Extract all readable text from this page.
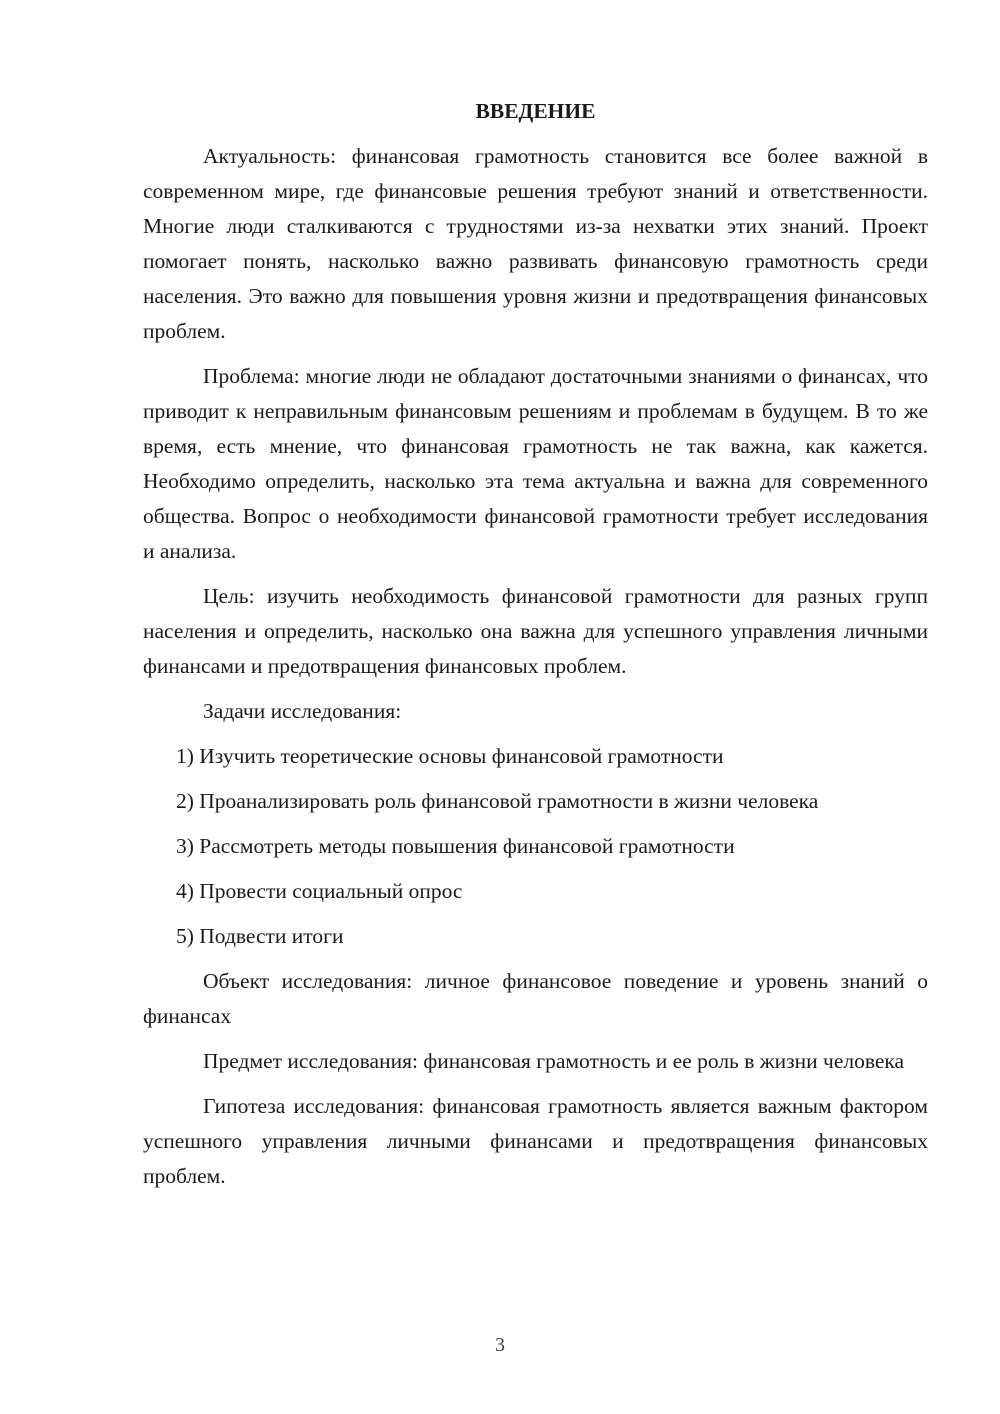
ВВЕДЕНИЕ

Актуальность: финансовая грамотность становится все более важной в современном мире, где финансовые решения требуют знаний и ответственности. Многие люди сталкиваются с трудностями из-за нехватки этих знаний. Проект помогает понять, насколько важно развивать финансовую грамотность среди населения. Это важно для повышения уровня жизни и предотвращения финансовых проблем.

Проблема: многие люди не обладают достаточными знаниями о финансах, что приводит к неправильным финансовым решениям и проблемам в будущем. В то же время, есть мнение, что финансовая грамотность не так важна, как кажется. Необходимо определить, насколько эта тема актуальна и важна для современного общества. Вопрос о необходимости финансовой грамотности требует исследования и анализа.

Цель: изучить необходимость финансовой грамотности для разных групп населения и определить, насколько она важна для успешного управления личными финансами и предотвращения финансовых проблем.

Задачи исследования:

1) Изучить теоретические основы финансовой грамотности
2) Проанализировать роль финансовой грамотности в жизни человека
3) Рассмотреть методы повышения финансовой грамотности
4) Провести социальный опрос
5) Подвести итоги

Объект исследования: личное финансовое поведение и уровень знаний о финансах

Предмет исследования: финансовая грамотность и ее роль в жизни человека

Гипотеза исследования: финансовая грамотность является важным фактором успешного управления личными финансами и предотвращения финансовых проблем.

3
